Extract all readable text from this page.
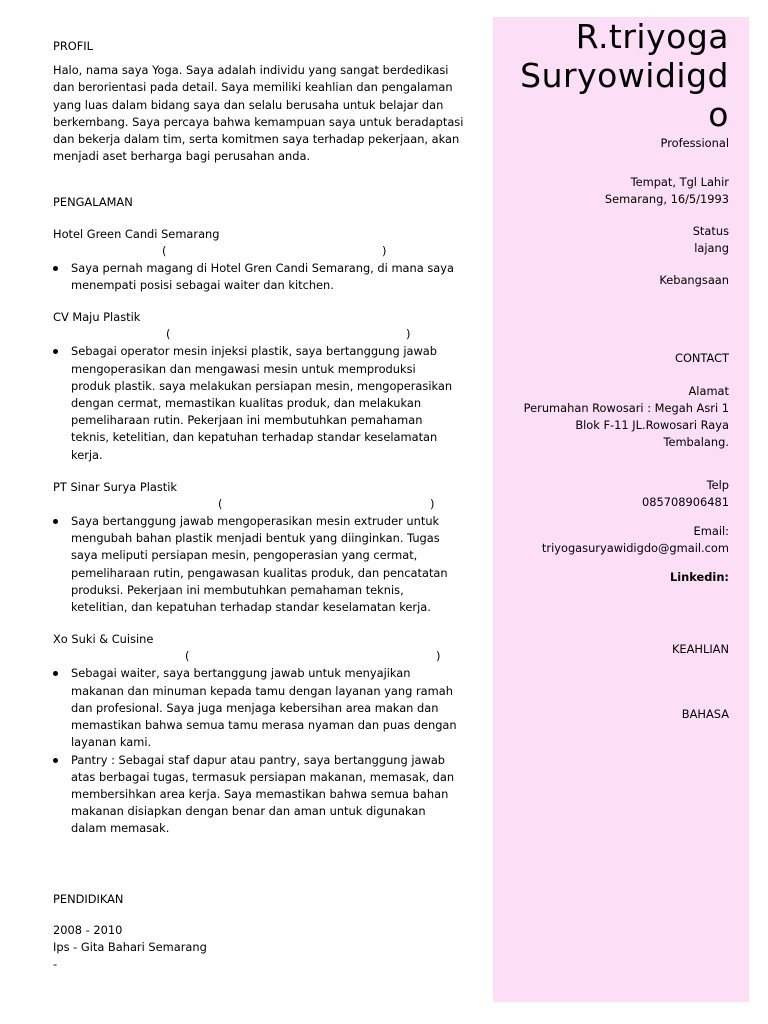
PROFIL

Halo, nama saya Yoga. Saya adalah individu yang sangat berdedikasi
dan berorientasi pada detail. Saya memiliki keahlian dan pengalaman
yang luas dalam bidang saya dan selalu berusaha untuk belajar dan
berkembang. Saya percaya bahwa kemampuan saya untuk beradaptasi
dan bekerja dalam tim, serta komitmen saya terhadap pekerjaan, akan
menjadi aset berharga bagi perusahan anda.

PENGALAMAN

Hotel Green Candi Semarang
(	)
Saya pernah magang di Hotel Gren Candi Semarang, di mana saya
menempati posisi sebagai waiter dan kitchen.
CV Maju Plastik
(	)
Sebagai operator mesin injeksi plastik, saya bertanggung jawab
mengoperasikan dan mengawasi mesin untuk memproduksi
produk plastik. saya melakukan persiapan mesin, mengoperasikan
dengan cermat, memastikan kualitas produk, dan melakukan
pemeliharaan rutin. Pekerjaan ini membutuhkan pemahaman
teknis, ketelitian, dan kepatuhan terhadap standar keselamatan
kerja.
PT Sinar Surya Plastik
(	)
Saya bertanggung jawab mengoperasikan mesin extruder untuk
mengubah bahan plastik menjadi bentuk yang diinginkan. Tugas
saya meliputi persiapan mesin, pengoperasian yang cermat,
pemeliharaan rutin, pengawasan kualitas produk, dan pencatatan
produksi. Pekerjaan ini membutuhkan pemahaman teknis,
ketelitian, dan kepatuhan terhadap standar keselamatan kerja.
Xo Suki & Cuisine
(	)
Sebagai waiter, saya bertanggung jawab untuk menyajikan
makanan dan minuman kepada tamu dengan layanan yang ramah
dan profesional. Saya juga menjaga kebersihan area makan dan
memastikan bahwa semua tamu merasa nyaman dan puas dengan
layanan kami.
Pantry : Sebagai staf dapur atau pantry, saya bertanggung jawab
atas berbagai tugas, termasuk persiapan makanan, memasak, dan
membersihkan area kerja. Saya memastikan bahwa semua bahan
makanan disiapkan dengan benar dan aman untuk digunakan
dalam memasak.

PENDIDIKAN

2008 - 2010
Ips - Gita Bahari Semarang
-
R.triyoga
Suryowidigd
o
Professional
Tempat, Tgl Lahir
Semarang, 16/5/1993
Status
lajang
Kebangsaan
CONTACT
Alamat
Perumahan Rowosari : Megah Asri 1
Blok F-11 JL.Rowosari Raya
Tembalang.
Telp
085708906481
Email:
triyogasuryawidigdo@gmail.com
Linkedin:
KEAHLIAN
BAHASA
